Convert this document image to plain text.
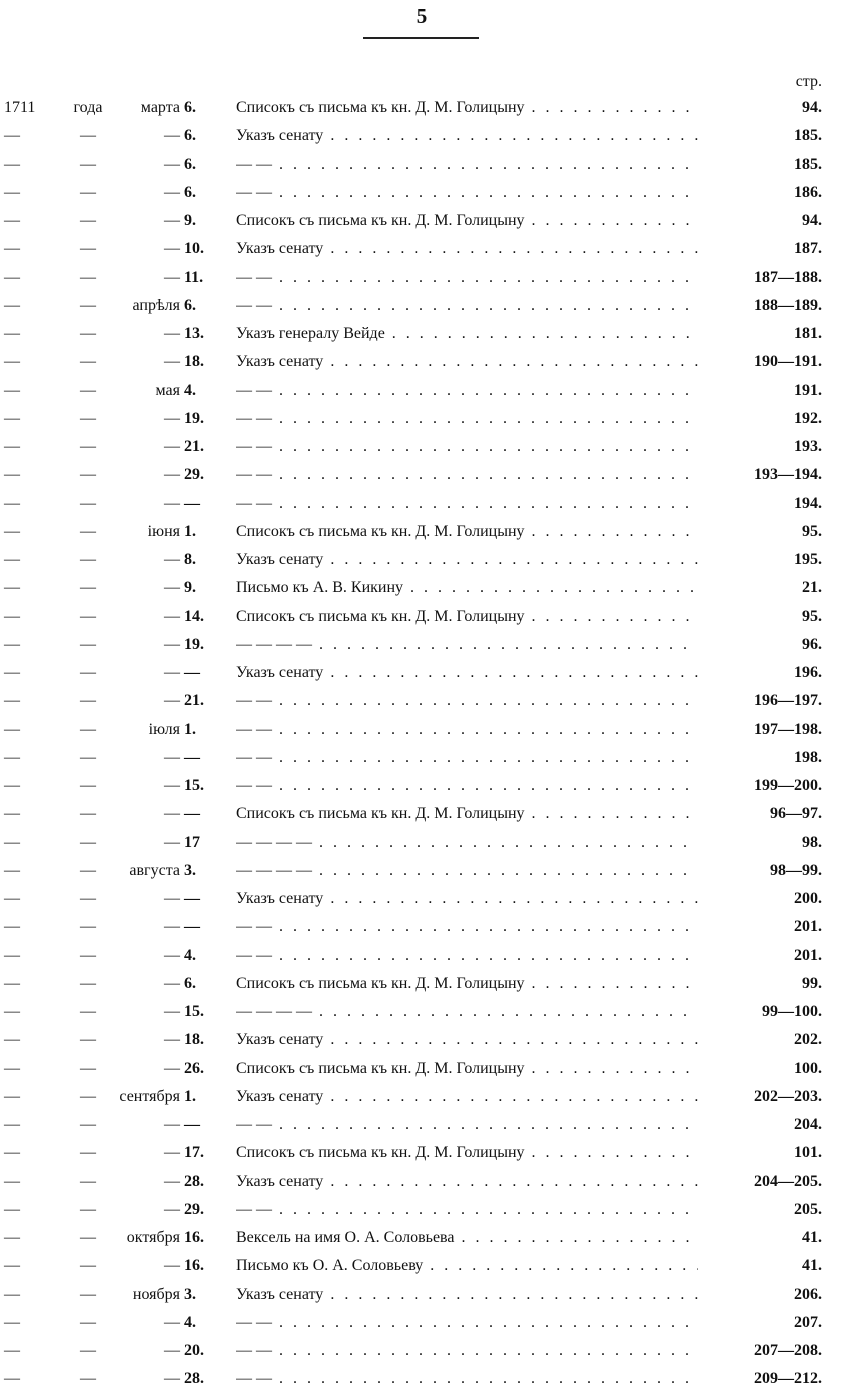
5
стр.
1711	года	марта 6.	Списокъ съ письма къ кн. Д. М. Голицыну . . .	94.
—	—	— 6.	Указъ сенату . . .	185.
—	—	— 6.	— — . . .	185.
—	—	— 6.	— — . . .	186.
—	—	— 9.	Списокъ съ письма къ кн. Д. М. Голицыну . . .	94.
—	—	— 10.	Указъ сенату . . .	187.
—	—	— 11.	— — . . .	187—188.
—	—	апрѣля 6.	— — . . .	188—189.
—	—	— 13.	Указъ генералу Вейде . . .	181.
—	—	— 18.	Указъ сенату . . .	190—191.
—	—	мая 4.	— — . . .	191.
—	—	— 19.	— — . . .	192.
—	—	— 21.	— — . . .	193.
—	—	— 29.	— — . . .	193—194.
—	—	— —	— — . . .	194.
—	—	іюня 1.	Списокъ съ письма къ кн. Д. М. Голицыну . . .	95.
—	—	— 8.	Указъ сенату . . .	195.
—	—	— 9.	Письмо къ А. В. Кикину . . .	21.
—	—	— 14.	Списокъ съ письма къ кн. Д. М. Голицыну . . .	95.
—	—	— 19.	— — — — . . .	96.
—	—	— —	Указъ сенату . . .	196.
—	—	— 21.	— — . . .	196—197.
—	—	іюля 1.	— — . . .	197—198.
—	—	— —	— — . . .	198.
—	—	— 15.	— — . . .	199—200.
—	—	— —	Списокъ съ письма къ кн. Д. М. Голицыну . . .	96—97.
—	—	— 17	— — — — . . .	98.
—	—	августа 3.	— — — — . . .	98—99.
—	—	— —	Указъ сенату . . .	200.
—	—	— —	— — . . .	201.
—	—	— 4.	— — . . .	201.
—	—	— 6.	Списокъ съ письма къ кн. Д. М. Голицыну . . .	99.
—	—	— 15.	— — — — . . .	99—100.
—	—	— 18.	Указъ сенату . . .	202.
—	—	— 26.	Списокъ съ письма къ кн. Д. М. Голицыну . . .	100.
—	—	сентября 1.	Указъ сенату . . .	202—203.
—	—	— —	— — . . .	204.
—	—	— 17.	Списокъ съ письма къ кн. Д. М. Голицыну . . .	101.
—	—	— 28.	Указъ сенату . . .	204—205.
—	—	— 29.	— — . . .	205.
—	—	октября 16.	Вексель на имя О. А. Соловьева . . .	41.
—	—	— 16.	Письмо къ О. А. Соловьеву . . .	41.
—	—	ноября 3.	Указъ сенату . . .	206.
—	—	— 4.	— — . . .	207.
—	—	— 20.	— — . . .	207—208.
—	—	— 28.	— — . . .	209—212.
